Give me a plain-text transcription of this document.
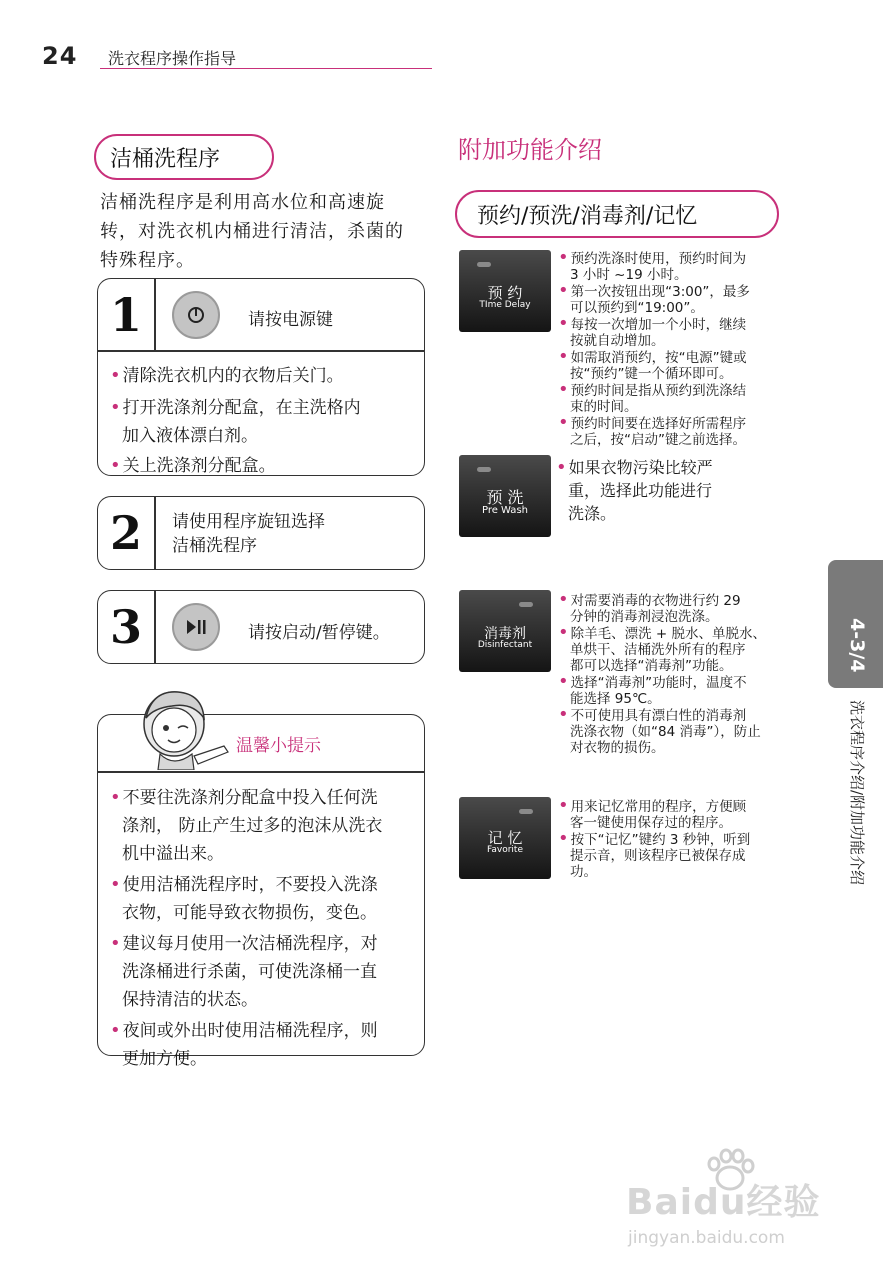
24 洗衣程序操作指导
洁桶洗程序
洁桶洗程序是利用高水位和高速旋
转，对洗衣机内桶进行清洁，杀菌的
特殊程序。
1	请按电源键
• 清除洗衣机内的衣物后关门。
• 打开洗涤剂分配盒，在主洗格内
加入液体漂白剂。
• 关上洗涤剂分配盒。
2	请使用程序旋钮选择
洁桶洗程序
3	请按启动/暂停键。
温馨小提示
• 不要往洗涤剂分配盒中投入任何洗
涤剂， 防止产生过多的泡沫从洗衣
机中溢出来。
• 使用洁桶洗程序时，不要投入洗涤
衣物，可能导致衣物损伤，变色。
• 建议每月使用一次洁桶洗程序，对
洗涤桶进行杀菌，可使洗涤桶一直
保持清洁的状态。
• 夜间或外出时使用洁桶洗程序，则
更加方便。
附加功能介绍
预约/预洗/消毒剂/记忆
预 约
TIme Delay
• 预约洗涤时使用，预约时间为
3 小时 ~19 小时。
• 第一次按钮出现“3:00”，最多
可以预约到“19:00”。
• 每按一次增加一个小时，继续
按就自动增加。
• 如需取消预约，按“电源”键或
按“预约”键一个循环即可。
• 预约时间是指从预约到洗涤结
束的时间。
• 预约时间要在选择好所需程序
之后，按“启动”键之前选择。
预 洗
Pre Wash
• 如果衣物污染比较严
重，选择此功能进行
洗涤。
消毒剂
Disinfectant
• 对需要消毒的衣物进行约 29
分钟的消毒剂浸泡洗涤。
• 除羊毛、漂洗 + 脱水、单脱水、
单烘干、洁桶洗外所有的程序
都可以选择“消毒剂”功能。
• 选择“消毒剂”功能时，温度不
能选择 95℃。
• 不可使用具有漂白性的消毒剂
洗涤衣物（如“84 消毒”），防止
对衣物的损伤。
记 忆
Favorite
• 用来记忆常用的程序，方便顾
客一键使用保存过的程序。
• 按下“记忆”键约 3 秒钟，听到
提示音，则该程序已被保存成
功。
4-3/4
洗衣程序介绍/附加功能介绍
Baidu经验
jingyan.baidu.com
